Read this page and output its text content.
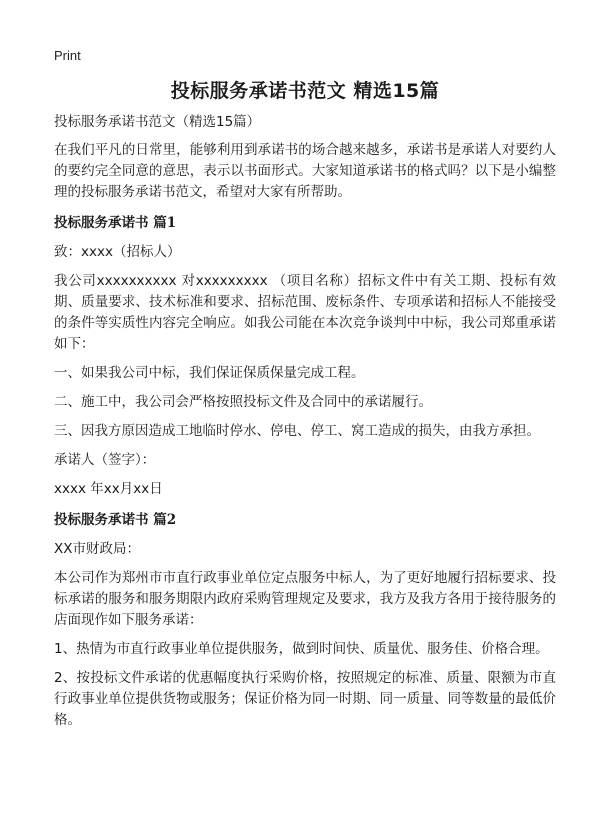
Print
投标服务承诺书范文 精选15篇
投标服务承诺书范文（精选15篇）

在我们平凡的日常里，能够利用到承诺书的场合越来越多，承诺书是承诺人对要约人的要约完全同意的意思，表示以书面形式。大家知道承诺书的格式吗？以下是小编整理的投标服务承诺书范文，希望对大家有所帮助。

投标服务承诺书 篇1

致：xxxx（招标人）

我公司xxxxxxxxxx 对xxxxxxxxx （项目名称）招标文件中有关工期、投标有效期、质量要求、技术标准和要求、招标范围、废标条件、专项承诺和招标人不能接受的条件等实质性内容完全响应。如我公司能在本次竞争谈判中中标，我公司郑重承诺如下：

一、如果我公司中标，我们保证保质保量完成工程。

二、施工中，我公司会严格按照投标文件及合同中的承诺履行。

三、因我方原因造成工地临时停水、停电、停工、窝工造成的损失，由我方承担。

承诺人（签字）：

xxxx 年xx月xx日

投标服务承诺书 篇2

XX市财政局：

本公司作为郑州市市直行政事业单位定点服务中标人，为了更好地履行招标要求、投标承诺的服务和服务期限内政府采购管理规定及要求，我方及我方各用于接待服务的店面现作如下服务承诺：

1、热情为市直行政事业单位提供服务，做到时间快、质量优、服务佳、价格合理。

2、按投标文件承诺的优惠幅度执行采购价格，按照规定的标准、质量、限额为市直行政事业单位提供货物或服务；保证价格为同一时期、同一质量、同等数量的最低价格。
